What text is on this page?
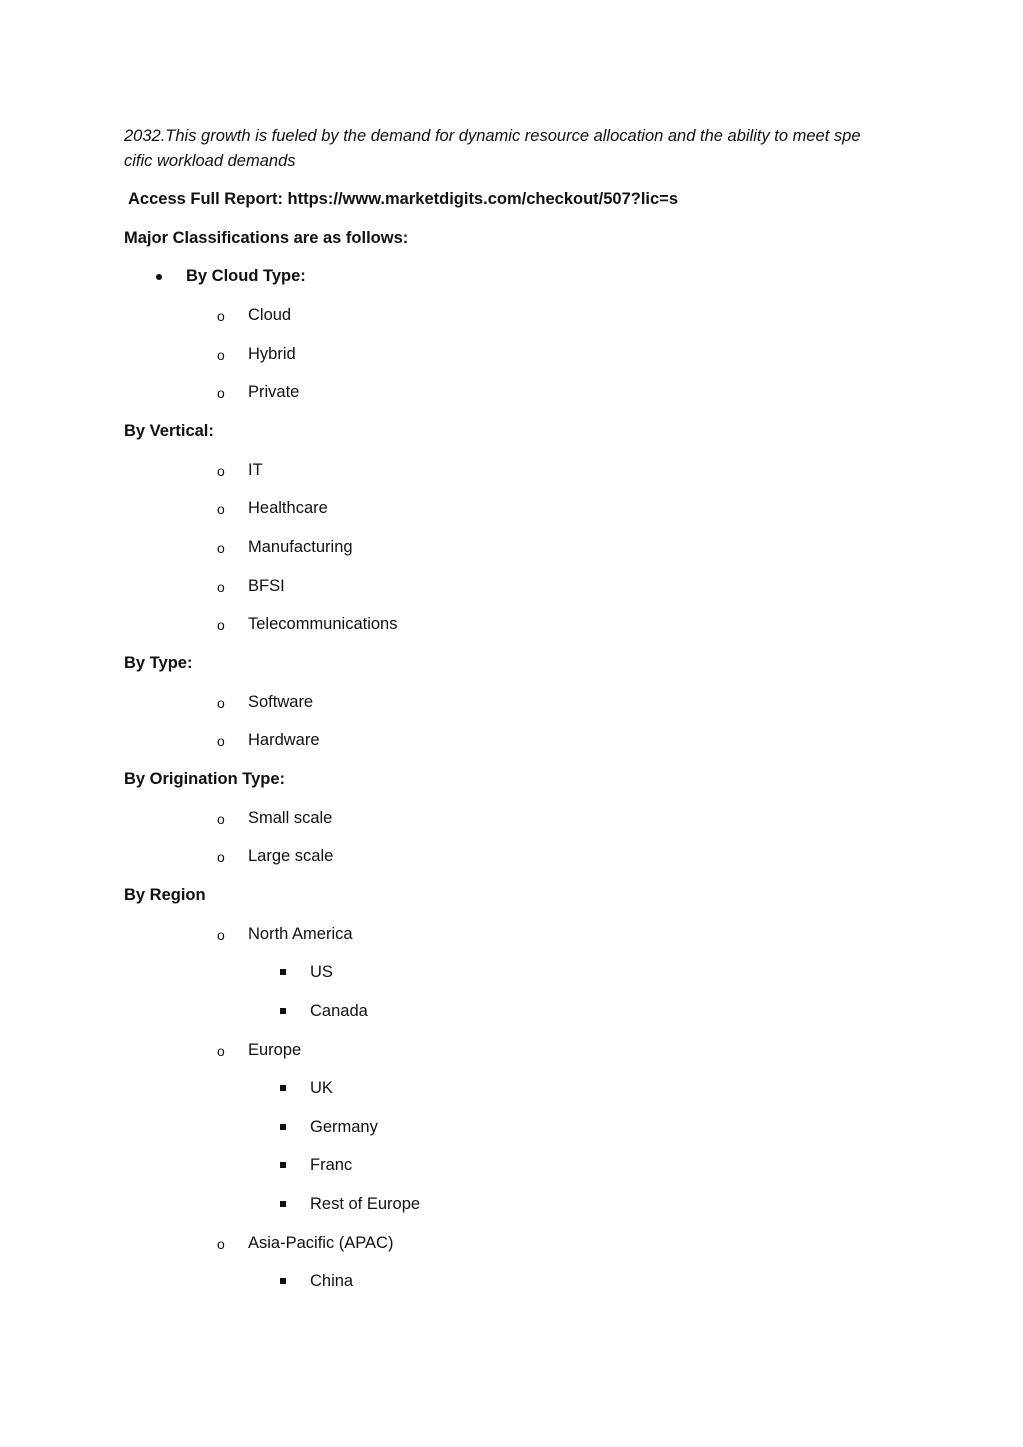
2032.This growth is fueled by the demand for dynamic resource allocation and the ability to meet spe
cific workload demands
Access Full Report: https://www.marketdigits.com/checkout/507?lic=s
Major Classifications are as follows:
By Cloud Type:
o Cloud
o Hybrid
o Private
By Vertical:
o IT
o Healthcare
o Manufacturing
o BFSI
o Telecommunications
By Type:
o Software
o Hardware
By Origination Type:
o Small scale
o Large scale
By Region
o North America
US
Canada
o Europe
UK
Germany
Franc
Rest of Europe
o Asia-Pacific (APAC)
China
